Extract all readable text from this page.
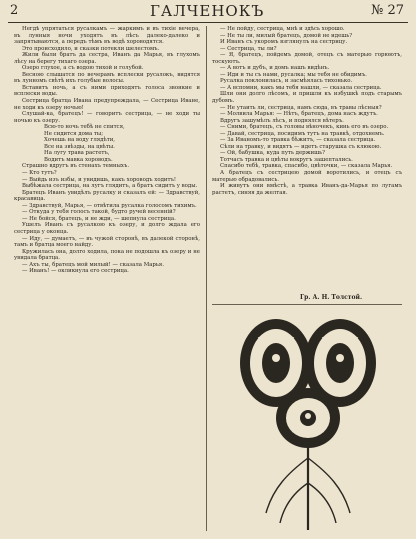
2	ГАЛЧЕНОКЪ	№ 27

Негдѣ упрятаться русалкамъ — жаркимъ и въ тихіе вечера, въ лунныя ночи уходятъ въ лѣсъ далеко-далеко и запрятываются, а передъ тѣмъ въ водѣ хороводятся.

Это происходило, и сказки потекли шелестомъ.

Жили были братъ да сестра, Иванъ да Марья, въ глухомъ лѣсу на берегу тихаго озера.

Озеро глухое, а съ водою тихой и голубой.

Весною слышатся по вечерамъ всплески русалокъ, видятся въ лунномъ свѣтѣ ихъ голубые волосы.

Вставитъ ночь, а съ ними приходятъ голоса звонкие и всплески воды.

Сестрица братца Ивана предупреждала, — Сестрица Иване, не ходи къ озеру ночью!

Слушай-ка, братецъ! — говоритъ сестрица, — не ходи ты ночью къ озеру.

Всю-то ночь тебѣ не спится,

Не сидится дома ты;

Хочешь на воду глядѣти,

Все на звѣзды, на цвѣты.

На лугу трава растетъ,

Водитъ мавка хороводъ.

Страшно вдругъ въ стенахъ темныхъ.

— Кто тутъ?

— Выйдь изъ избы, и увидишь, какъ хороводъ ходитъ!

Выбѣжала сестрица, на лугъ глядитъ, а братъ сидитъ у воды.

Братецъ Иванъ увидѣлъ русалку и сказалъ ей: — Здравствуй, красавица.

— Здравствуй, Марья, — отвѣтила русалка голосомъ тихимъ.

— Откуда у тебя голосъ такой, будто ручей весенній?

— Не бойся, братецъ, и не жди, — шепнула сестрица.

Ушелъ Иванъ съ русалкою къ озеру, и долго ждала его сестрица у оконца.

— Иду, — думаетъ, — въ чужой сторонѣ, въ далекой сторонѣ, тамъ и братца моего найду.

Кружилась она, долго ходила, пока не подошла къ озеру и не увидала братца.

— Ахъ ты, братецъ мой милый! — сказала Марья.

— Иванъ! — окликнула его сестрица.

— Не пойду, сестрица, мнѣ и здѣсь хорошо.

— Не ты ли, милый братецъ, домой не идешь?

И Иванъ съ укоромъ взглянулъ на сестрицу.

— Сестрица, ты ли?

— Я, братецъ, пойдемъ домой, отецъ съ матерью горюютъ, тоскуютъ.

— А вотъ и дубъ, и домъ нашъ видѣнъ.

— Иди и ты съ нами, русалка; мы тебя не обидимъ.

Русалка поклонилась, и засмѣялась тихонько.

— А вспомни, какъ мы тебя нашли, — сказала сестрица.

Шли они долго лѣсомъ, и пришли къ избушкѣ подъ старымъ дубомъ.

— Не утаить ли, сестрица, намъ сюда, въ травы лѣсныя?

— Молвила Марья: — Нѣтъ, братецъ, дома насъ ждутъ.

Вдругъ зашумѣлъ лѣсъ, и поднялся вѣтеръ.

— Сними, братецъ, съ головы вѣночекъ, кинь его въ озеро.

— Давай, сестрица, посидимъ тутъ на травкѣ, отдохнемъ.

— За Иваномъ-то травка бѣжитъ, — сказала сестрица.

Сѣли на травку, и видятъ — идетъ старушка съ клюкою.

— Ой, бабушка, куда путь держишь?

Тотчасъ травка и цвѣты вокругъ зашептались.

Спасибо тебѣ, травка, спасибо, цвѣточки, — сказала Марья.

А братецъ съ сестрицею домой воротились, и отецъ съ матерью обрадовались.

И живутъ они вмѣстѣ, а травка Иванъ-да-Марья по лугамъ растетъ, синяя да желтая.

Гр. А. Н. Толстой.
